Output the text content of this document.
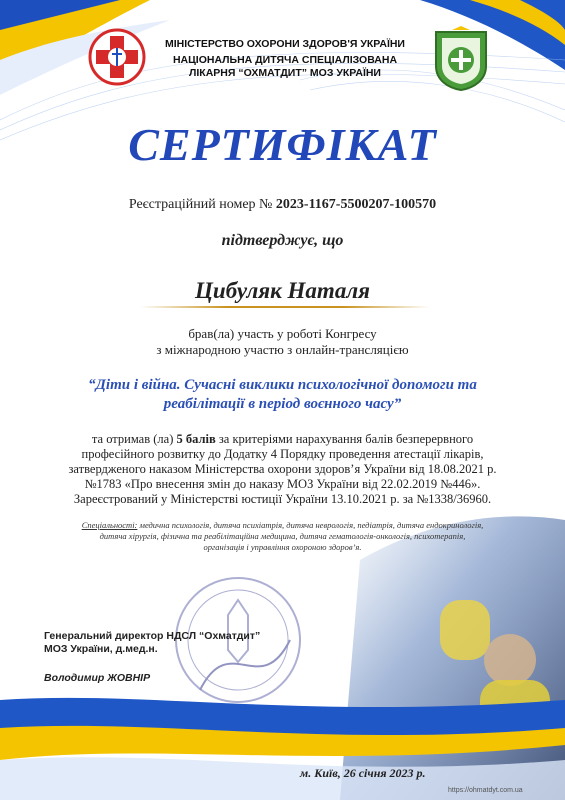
МІНІСТЕРСТВО ОХОРОНИ ЗДОРОВ'Я УКРАЇНИ
НАЦІОНАЛЬНА ДИТЯЧА СПЕЦІАЛІЗОВАНА
ЛІКАРНЯ “ОХМАТДИТ” МОЗ УКРАЇНИ
СЕРТИФІКАТ
Реєстраційний номер № 2023-1167-5500207-100570
підтверджує, що
Цибуляк Наталя
брав(ла) участь у роботі Конгресу
з міжнародною участю з онлайн-трансляцією
“Діти і війна. Сучасні виклики психологічної допомоги та реабілітації в період воєнного часу”
та отримав (ла) 5 балів за критеріями нарахування балів безперервного професійного розвитку до Додатку 4 Порядку проведення атестації лікарів, затвердженого наказом Міністерства охорони здоров’я України від 18.08.2021 р. №1783 «Про внесення змін до наказу МОЗ України від 22.02.2019 №446». Зареєстрований у Міністерстві юстиції України 13.10.2021 р. за №1338/36960.
Спеціальності: медична психологія, дитяча психіатрія, дитяча неврологія, педіатрія, дитяча ендокринологія, дитяча хірургія, фізична та реабілітаційна медицина, дитяча гематологія-онкологія, психотерапія, організація і управління охороною здоров’я.
Генеральний директор НДСЛ “Охматдит”
МОЗ України, д.мед.н.
Володимир ЖОВНІР
м. Київ, 26 січня 2023 р.
https://ohmatdyt.com.ua
